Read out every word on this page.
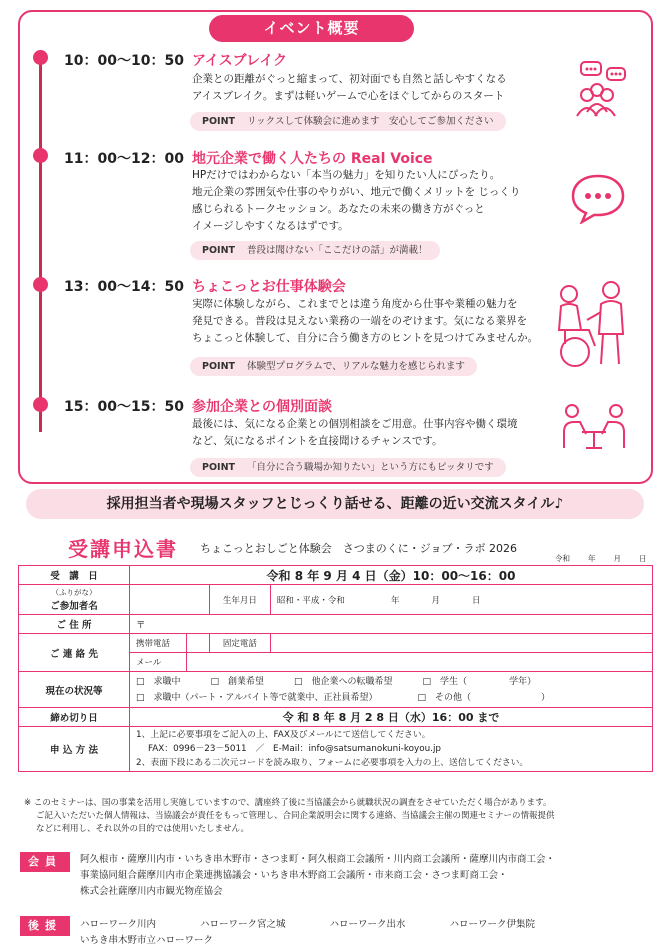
イベント概要
10：00〜10：50 アイスブレイク
企業との距離がぐっと縮まって、初対面でも自然と話しやすくなる
アイスブレイク。まずは軽いゲームで心をほぐしてからのスタート
POINT リックスして体験会に進めます　安心してご参加ください
11：00〜12：00 地元企業で働く人たちの Real Voice
HPだけではわからない「本当の魅力」を知りたい人にぴったり。
地元企業の雰囲気や仕事のやりがい、地元で働くメリットを じっくり
感じられるトークセッション。あなたの未来の働き方がぐっと
イメージしやすくなるはずです。
POINT 普段は聞けない「ここだけの話」が満載！
13：00〜14：50 ちょこっとお仕事体験会
実際に体験しながら、これまでとは違う角度から仕事や業種の魅力を
発見できる。普段は見えない業務の一端をのぞけます。気になる業界を
ちょこっと体験して、自分に合う働き方のヒントを見つけてみませんか。
POINT 体験型プログラムで、リアルな魅力を感じられます
15：00〜15：50 参加企業との個別面談
最後には、気になる企業との個別相談をご用意。仕事内容や働く環境
など、気になるポイントを直接聞けるチャンスです。
POINT 「自分に合う職場か知りたい」という方にもピッタリです
採用担当者や現場スタッフとじっくり話せる、距離の近い交流スタイル♪
受講申込書 ちょこっとおしごと体験会　さつまのくに・ジョブ・ラボ 2026
令和 年 月 日
受　講　日	令和 8 年 9 月 4 日（金）10：00〜16：00			

（ふりがな）
ご参加者名			生年月日	昭和・平成・令和 年 月 日
ご 住 所	〒			
ご 連 絡 先	携帯電話		固定電話	
	メール			
現在の状況等	□　求職中 □　創業希望 □　他企業への転職希望 □　学生（ 学年）
□　求職中（パート・アルバイト等で就業中、正社員希望） □　その他（ ）			

締め切り日	令 和 8 年 8 月 2 8 日（水）16：00 まで			
申 込 方 法	1、上記に必要事項をご記入の上、FAX及びメールにて送信してください。
FAX：0996－23－5011　／　E-Mail：info@satsumanokuni-koyou.jp
2、表面下段にある二次元コードを読み取り、フォームに必要事項を入力の上、送信してください。			
※ このセミナーは、国の事業を活用し実施していますので、講座終了後に当協議会から就職状況の調査をさせていただく場合があります。
ご記入いただいた個人情報は、当協議会が責任をもって管理し、合同企業説明会に関する連絡、当協議会主催の関連セミナーの情報提供
などに利用し、それ以外の目的では使用いたしません。
会員	阿久根市・薩摩川内市・いちき串木野市・さつま町・阿久根商工会議所・川内商工会議所・薩摩川内市商工会・
事業協同組合薩摩川内市企業連携協議会・いちき串木野商工会議所・市来商工会・さつま町商工会・
株式会社薩摩川内市観光物産協会
後援	ハローワーク川内	ハローワーク宮之城	ハローワーク出水	ハローワーク伊集院
いちき串木野市立ハローワーク
